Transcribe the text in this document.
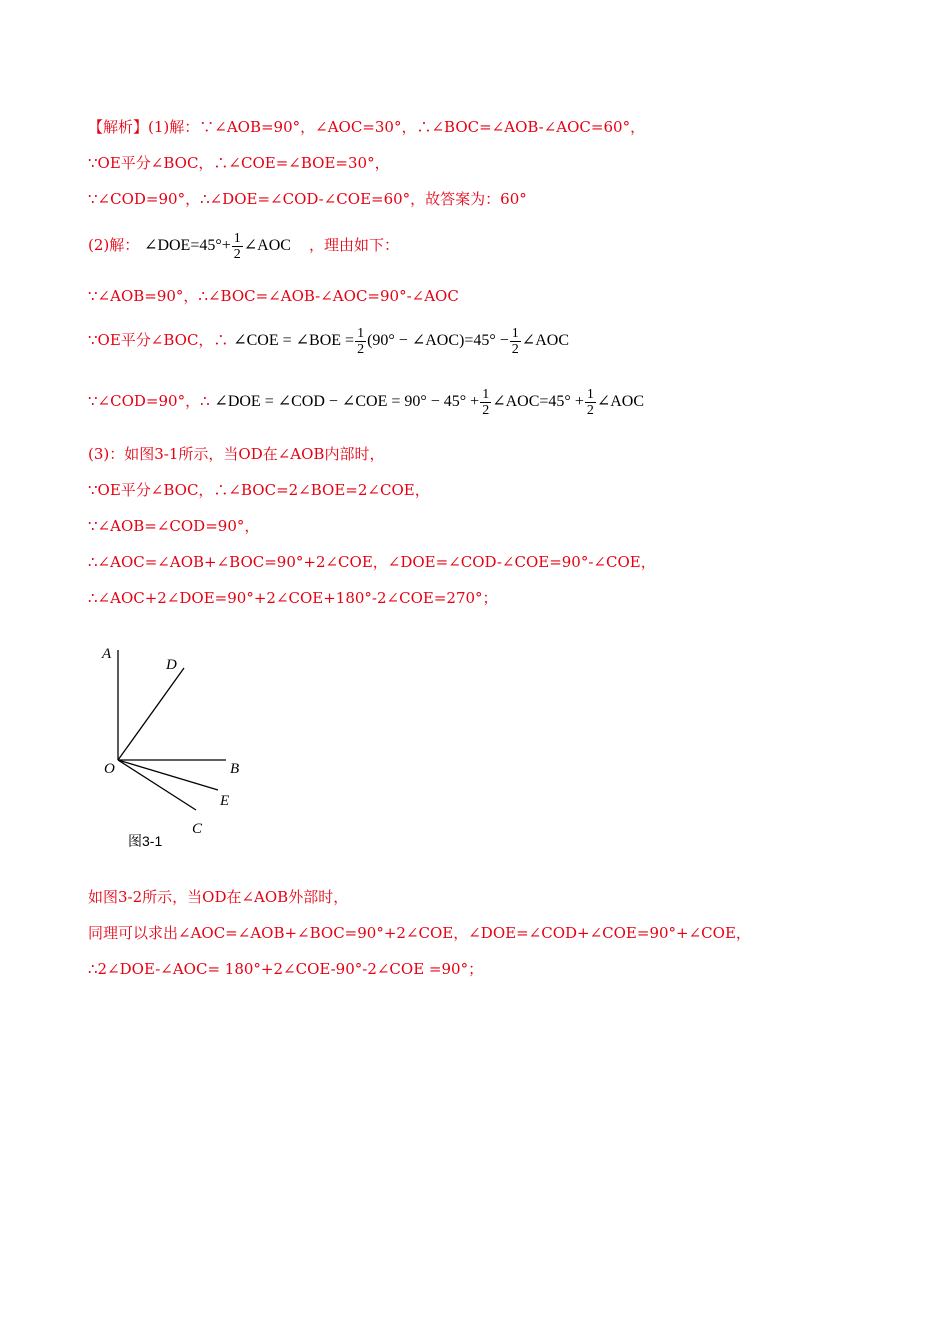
【解析】(1)解：∵∠AOB=90°，∠AOC=30°，∴∠BOC=∠AOB-∠AOC=60°，
∵OE平分∠BOC，∴∠COE=∠BOE=30°，
∵∠COD=90°，∴∠DOE=∠COD-∠COE=60°，故答案为：60°
(2)解： ∠DOE=45°+ $\frac{1}{2}$ ∠AOC ，理由如下：
∵∠AOB=90°，∴∠BOC=∠AOB-∠AOC=90°-∠AOC
∵OE平分∠BOC，∴ ∠COE = ∠BOE = $\frac{1}{2} (90^\circ$ − ∠AOC)=45° − $\frac{1}{2}$ ∠AOC
∵∠COD=90°，∴ ∠DOE = ∠COD − ∠COE = $90^\circ - 45^\circ + \frac{1}{2}$ ∠AOC=45° + $\frac{1}{2}$ ∠AOC
(3)：如图3-1所示，当OD在∠AOB内部时，
∵OE平分∠BOC，∴∠BOC=2∠BOE=2∠COE，
∵∠AOB=∠COD=90°，
∴∠AOC=∠AOB+∠BOC=90°+2∠COE，∠DOE=∠COD-∠COE=90°-∠COE，
∴∠AOC+2∠DOE=90°+2∠COE+180°-2∠COE=270°；
A
D
O	B
E
C
图3-1
如图3-2所示，当OD在∠AOB外部时，
同理可以求出∠AOC=∠AOB+∠BOC=90°+2∠COE，∠DOE=∠COD+∠COE=90°+∠COE，
∴2∠DOE-∠AOC= 180°+2∠COE-90°-2∠COE =90°；
